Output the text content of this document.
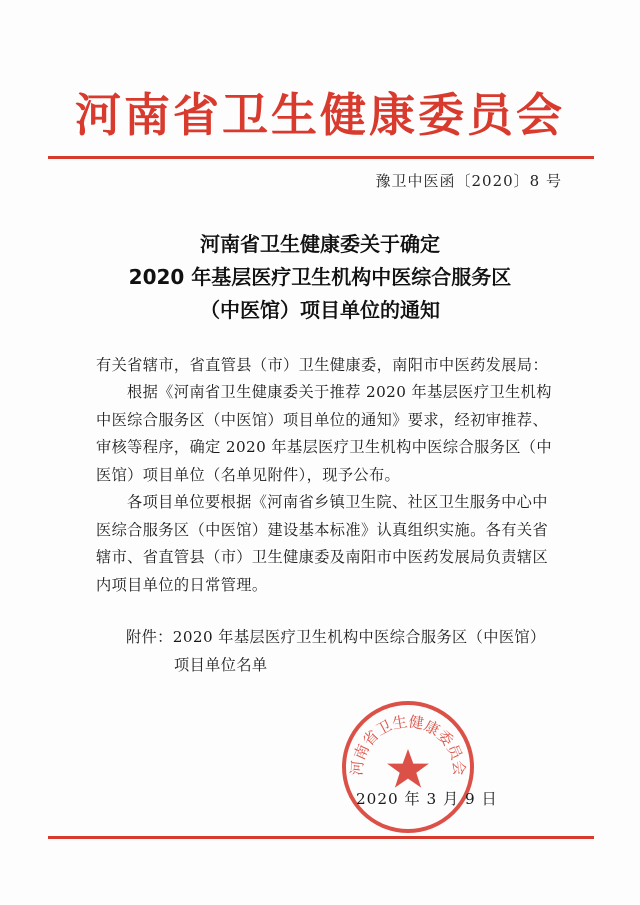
河南省卫生健康委员会
豫卫中医函〔2020〕8 号
河南省卫生健康委关于确定
2020 年基层医疗卫生机构中医综合服务区
（中医馆）项目单位的通知
有关省辖市，省直管县（市）卫生健康委，南阳市中医药发展局：

根据《河南省卫生健康委关于推荐 2020 年基层医疗卫生机构中医综合服务区（中医馆）项目单位的通知》要求，经初审推荐、审核等程序，确定 2020 年基层医疗卫生机构中医综合服务区（中医馆）项目单位（名单见附件），现予公布。

各项目单位要根据《河南省乡镇卫生院、社区卫生服务中心中医综合服务区（中医馆）建设基本标准》认真组织实施。各有关省辖市、省直管县（市）卫生健康委及南阳市中医药发展局负责辖区内项目单位的日常管理。

附件：2020 年基层医疗卫生机构中医综合服务区（中医馆）
项目单位名单
河南省卫生健康委员会
2020 年 3 月 9 日
